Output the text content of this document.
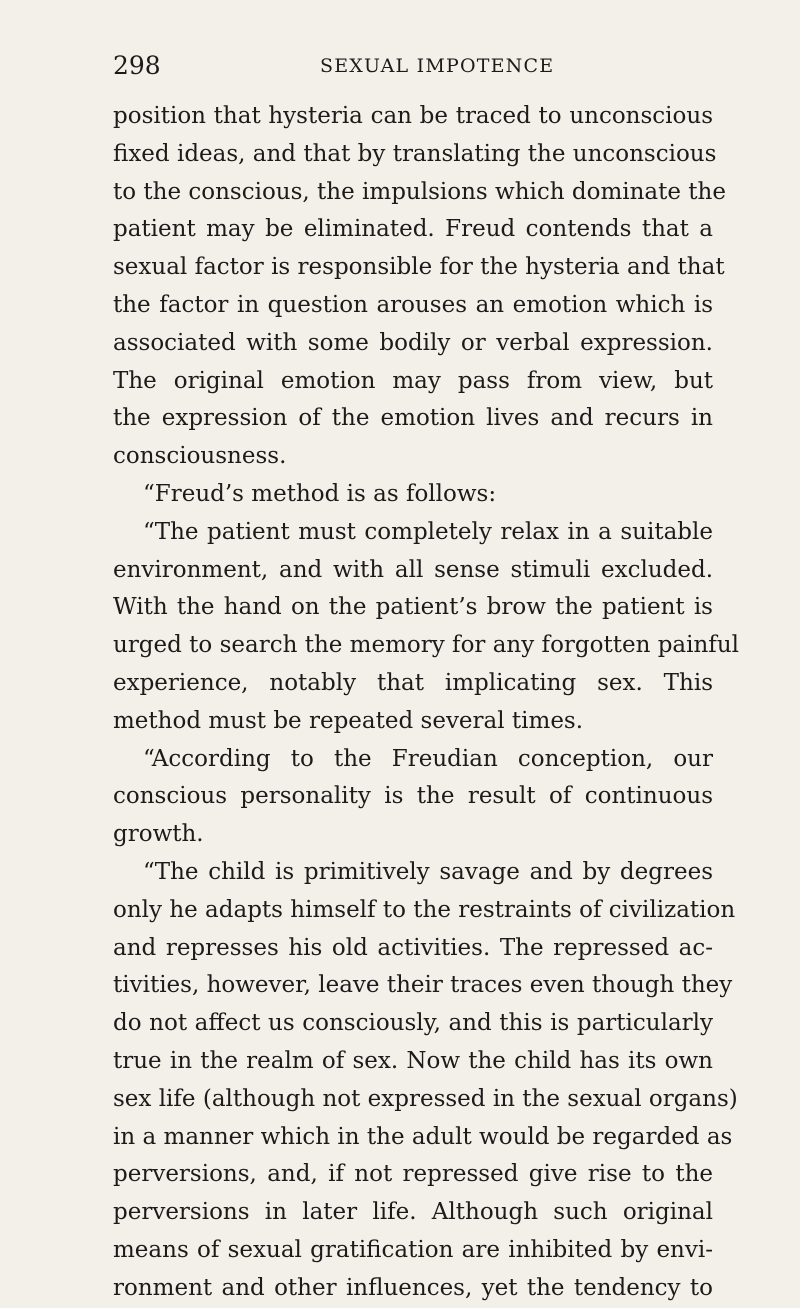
298	SEXUAL IMPOTENCE
position that hysteria can be traced to unconscious
fixed ideas, and that by translating the unconscious
to the conscious, the impulsions which dominate the
patient may be eliminated. Freud contends that a
sexual factor is responsible for the hysteria and that
the factor in question arouses an emotion which is
associated with some bodily or verbal expression.
The original emotion may pass from view, but
the expression of the emotion lives and recurs in
consciousness.
“Freud’s method is as follows:
“The patient must completely relax in a suitable
environment, and with all sense stimuli excluded.
With the hand on the patient’s brow the patient is
urged to search the memory for any forgotten painful
experience, notably that implicating sex. This
method must be repeated several times.
“According to the Freudian conception, our
conscious personality is the result of continuous
growth.
“The child is primitively savage and by degrees
only he adapts himself to the restraints of civilization
and represses his old activities. The repressed ac-
tivities, however, leave their traces even though they
do not affect us consciously, and this is particularly
true in the realm of sex. Now the child has its own
sex life (although not expressed in the sexual organs)
in a manner which in the adult would be regarded as
perversions, and, if not repressed give rise to the
perversions in later life. Although such original
means of sexual gratification are inhibited by envi-
ronment and other influences, yet the tendency to
